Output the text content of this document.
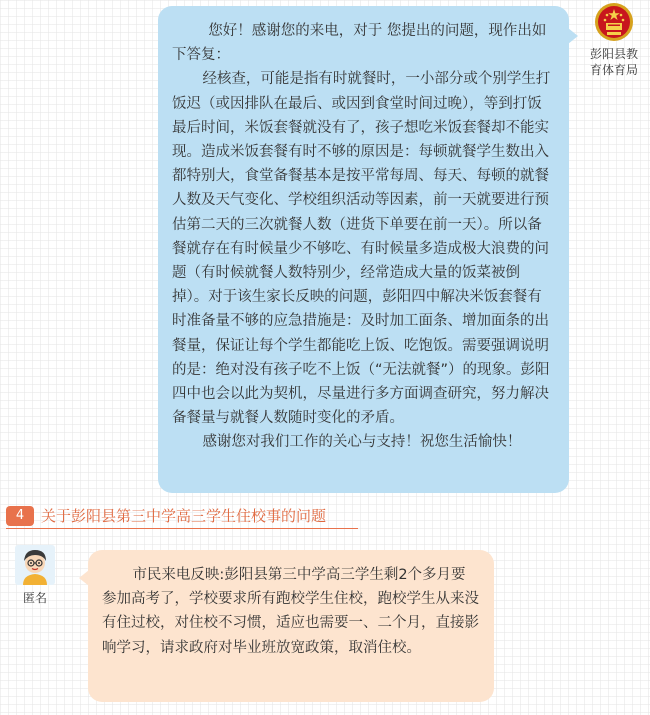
您好！感谢您的来电，对于 您提出的问题，现作出如下答复：

经核查，可能是指有时就餐时，一小部分或个别学生打饭迟（或因排队在最后、或因到食堂时间过晚），等到打饭最后时间，米饭套餐就没有了，孩子想吃米饭套餐却不能实现。造成米饭套餐有时不够的原因是：每顿就餐学生数出入都特别大，食堂备餐基本是按平常每周、每天、每顿的就餐人数及天气变化、学校组织活动等因素，前一天就要进行预估第二天的三次就餐人数（进货下单要在前一天）。所以备餐就存在有时候量少不够吃、有时候量多造成极大浪费的问题（有时候就餐人数特别少，经常造成大量的饭菜被倒掉）。对于该生家长反映的问题，彭阳四中解决米饭套餐有时准备量不够的应急措施是：及时加工面条、增加面条的出餐量，保证让每个学生都能吃上饭、吃饱饭。需要强调说明的是：绝对没有孩子吃不上饭（“无法就餐”）的现象。彭阳四中也会以此为契机，尽量进行多方面调查研究，努力解决备餐量与就餐人数随时变化的矛盾。

感谢您对我们工作的关心与支持！祝您生活愉快！

彭阳县教育体育局
4	关于彭阳县第三中学高三学生住校事的问题
匿名

市民来电反映:彭阳县第三中学高三学生剩2个多月要参加高考了，学校要求所有跑校学生住校，跑校学生从来没有住过校，对住校不习惯，适应也需要一、二个月，直接影响学习，请求政府对毕业班放宽政策，取消住校。
